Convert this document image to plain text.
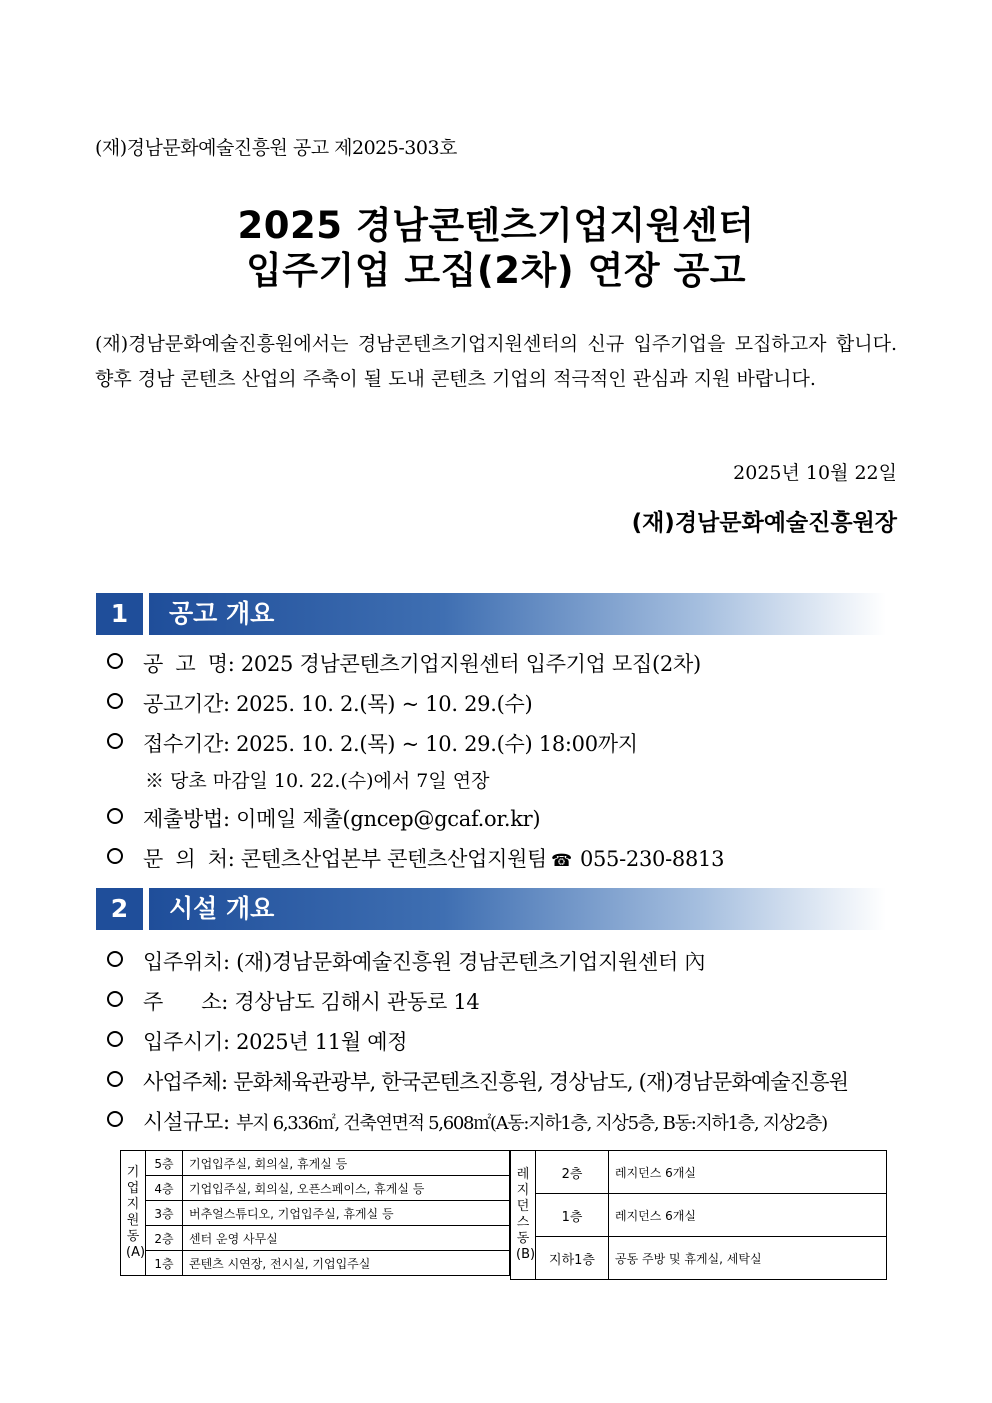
(재)경남문화예술진흥원 공고 제2025-303호
2025 경남콘텐츠기업지원센터
입주기업 모집(2차) 연장 공고
(재)경남문화예술진흥원에서는 경남콘텐츠기업지원센터의 신규 입주기업을 모집하고자 합니다. 향후 경남 콘텐츠 산업의 주축이 될 도내 콘텐츠 기업의 적극적인 관심과 지원 바랍니다.
2025년 10월 22일
(재)경남문화예술진흥원장
1	공고 개요
공 고 명: 2025 경남콘텐츠기업지원센터 입주기업 모집(2차)
공고기간: 2025. 10. 2.(목) ~ 10. 29.(수)
접수기간: 2025. 10. 2.(목) ~ 10. 29.(수) 18:00까지
※ 당초 마감일 10. 22.(수)에서 7일 연장
제출방법: 이메일 제출(gncep@gcaf.or.kr)
문 의 처: 콘텐츠산업본부 콘텐츠산업지원팀 ☎ 055-230-8813
2	시설 개요
입주위치: (재)경남문화예술진흥원 경남콘텐츠기업지원센터 內
주      소: 경상남도 김해시 관동로 14
입주시기: 2025년 11월 예정
사업주체: 문화체육관광부, 한국콘텐츠진흥원, 경상남도, (재)경남문화예술진흥원
시설규모: 부지 6,336㎡, 건축연면적 5,608㎡(A동:지하1층, 지상5층, B동:지하1층, 지상2층)
기업지원동(A)	5층	기업입주실, 회의실, 휴게실 등
	4층	기업입주실, 회의실, 오픈스페이스, 휴게실 등
	3층	버추얼스튜디오, 기업입주실, 휴게실 등
	2층	센터 운영 사무실
	1층	콘텐츠 시연장, 전시실, 기업입주실
레지던스동(B)	2층	레지던스 6개실
	1층	레지던스 6개실
	지하1층	공동 주방 및 휴게실, 세탁실
